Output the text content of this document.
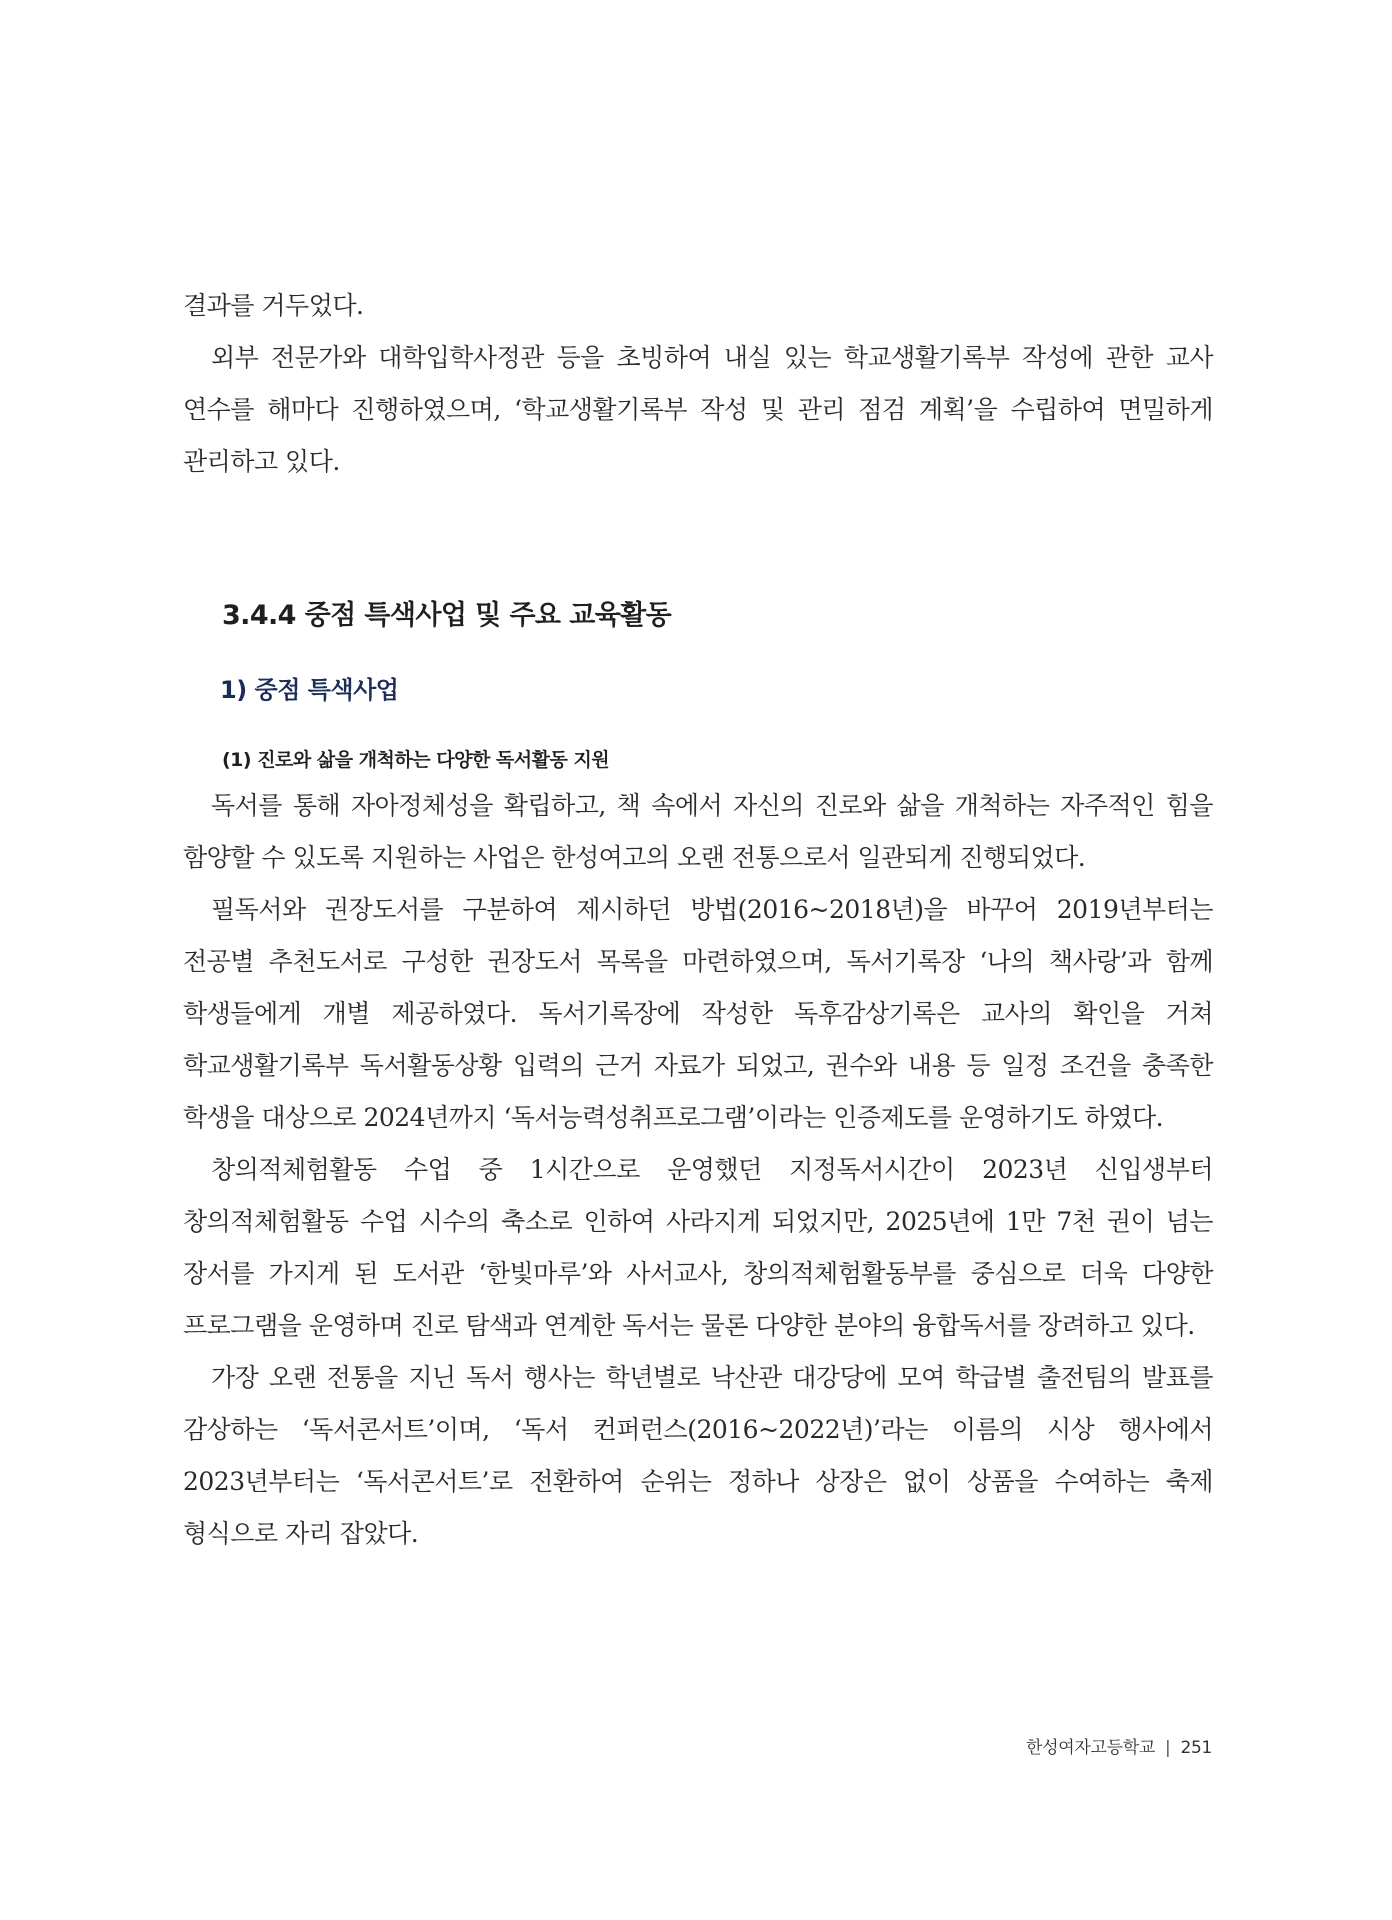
결과를 거두었다.

외부 전문가와 대학입학사정관 등을 초빙하여 내실 있는 학교생활기록부 작성에 관한 교사 연수를 해마다 진행하였으며, ‘학교생활기록부 작성 및 관리 점검 계획’을 수립하여 면밀하게 관리하고 있다.

3.4.4 중점 특색사업 및 주요 교육활동
1) 중점 특색사업
(1) 진로와 삶을 개척하는 다양한 독서활동 지원

독서를 통해 자아정체성을 확립하고, 책 속에서 자신의 진로와 삶을 개척하는 자주적인 힘을 함양할 수 있도록 지원하는 사업은 한성여고의 오랜 전통으로서 일관되게 진행되었다.

필독서와 권장도서를 구분하여 제시하던 방법(2016~2018년)을 바꾸어 2019년부터는 전공별 추천도서로 구성한 권장도서 목록을 마련하였으며, 독서기록장 ‘나의 책사랑’과 함께 학생들에게 개별 제공하였다. 독서기록장에 작성한 독후감상기록은 교사의 확인을 거쳐 학교생활기록부 독서활동상황 입력의 근거 자료가 되었고, 권수와 내용 등 일정 조건을 충족한 학생을 대상으로 2024년까지 ‘독서능력성취프로그램’이라는 인증제도를 운영하기도 하였다.

창의적체험활동 수업 중 1시간으로 운영했던 지정독서시간이 2023년 신입생부터 창의적체험활동 수업 시수의 축소로 인하여 사라지게 되었지만, 2025년에 1만 7천 권이 넘는 장서를 가지게 된 도서관 ‘한빛마루’와 사서교사, 창의적체험활동부를 중심으로 더욱 다양한 프로그램을 운영하며 진로 탐색과 연계한 독서는 물론 다양한 분야의 융합독서를 장려하고 있다.

가장 오랜 전통을 지닌 독서 행사는 학년별로 낙산관 대강당에 모여 학급별 출전팀의 발표를 감상하는 ‘독서콘서트’이며, ‘독서 컨퍼런스(2016~2022년)’라는 이름의 시상 행사에서 2023년부터는 ‘독서콘서트’로 전환하여 순위는 정하나 상장은 없이 상품을 수여하는 축제 형식으로 자리 잡았다.

한성여자고등학교 | 251
